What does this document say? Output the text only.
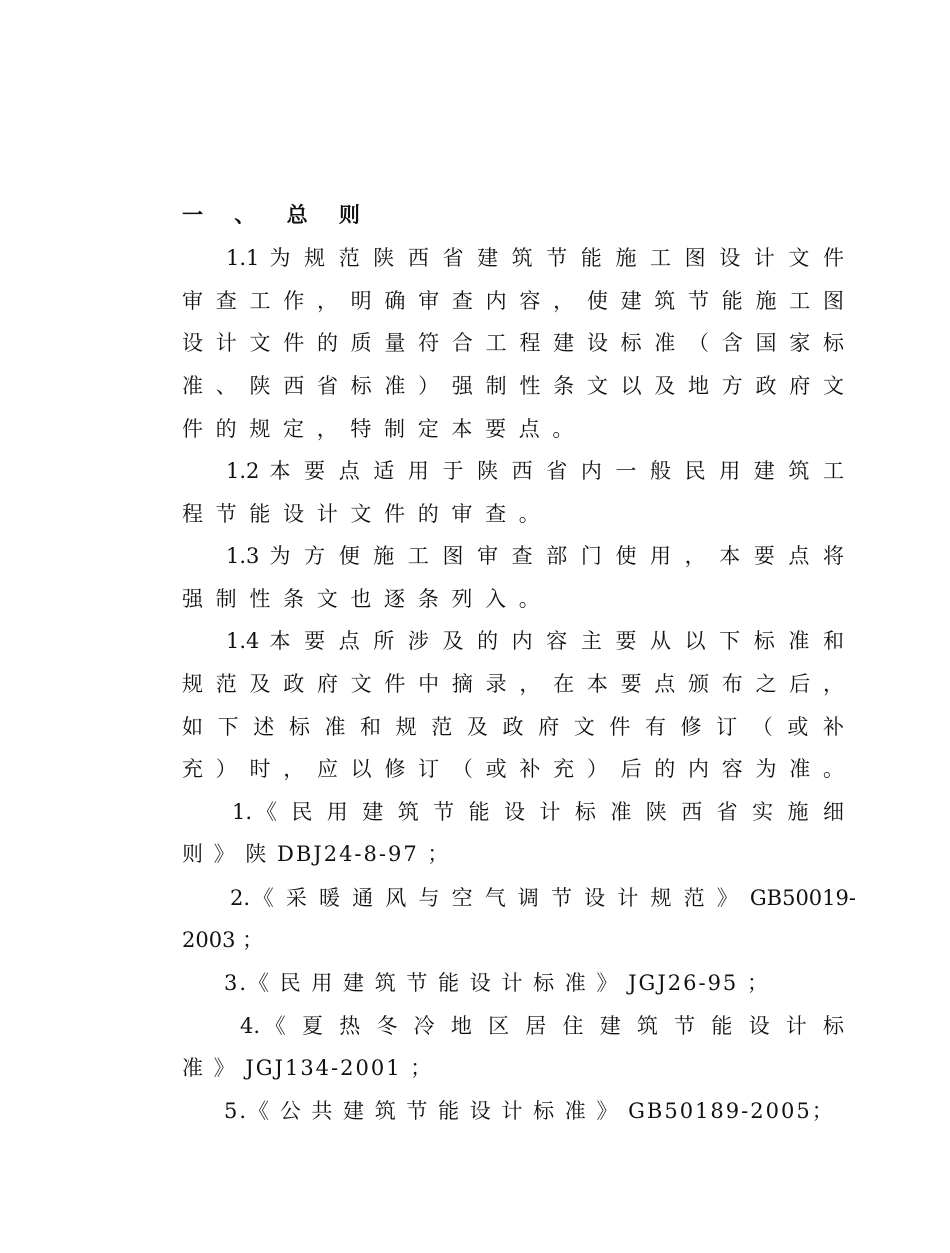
一 、 总 则
1.1 为 规 范 陕 西 省 建 筑 节 能 施 工 图 设 计 文 件
审 查 工 作 ， 明 确 审 查 内 容 ， 使 建 筑 节 能 施 工 图
设 计 文 件 的 质 量 符 合 工 程 建 设 标 准 （ 含 国 家 标
准 、 陕 西 省 标 准 ） 强 制 性 条 文 以 及 地 方 政 府 文
件 的 规 定 ， 特 制 定 本 要 点 。
1.2 本 要 点 适 用 于 陕 西 省 内 一 般 民 用 建 筑 工
程 节 能 设 计 文 件 的 审 查 。
1.3 为 方 便 施 工 图 审 查 部 门 使 用 ， 本 要 点 将
强 制 性 条 文 也 逐 条 列 入 。
1.4 本 要 点 所 涉 及 的 内 容 主 要 从 以 下 标 准 和
规 范 及 政 府 文 件 中 摘 录 ， 在 本 要 点 颁 布 之 后 ，
如 下 述 标 准 和 规 范 及 政 府 文 件 有 修 订 （ 或 补
充 ） 时 ， 应 以 修 订 （ 或 补 充 ） 后 的 内 容 为 准 。
1.《 民 用 建 筑 节 能 设 计 标 准 陕 西 省 实 施 细
则 》 陕 DBJ24-8-97 ；
2.《 采 暖 通 风 与 空 气 调 节 设 计 规 范 》 GB50019-
2003 ；
3.《 民 用 建 筑 节 能 设 计 标 准 》 JGJ26-95 ；
4.《 夏 热 冬 冷 地 区 居 住 建 筑 节 能 设 计 标
准 》 JGJ134-2001 ；
5.《 公 共 建 筑 节 能 设 计 标 准 》 GB50189-2005；
